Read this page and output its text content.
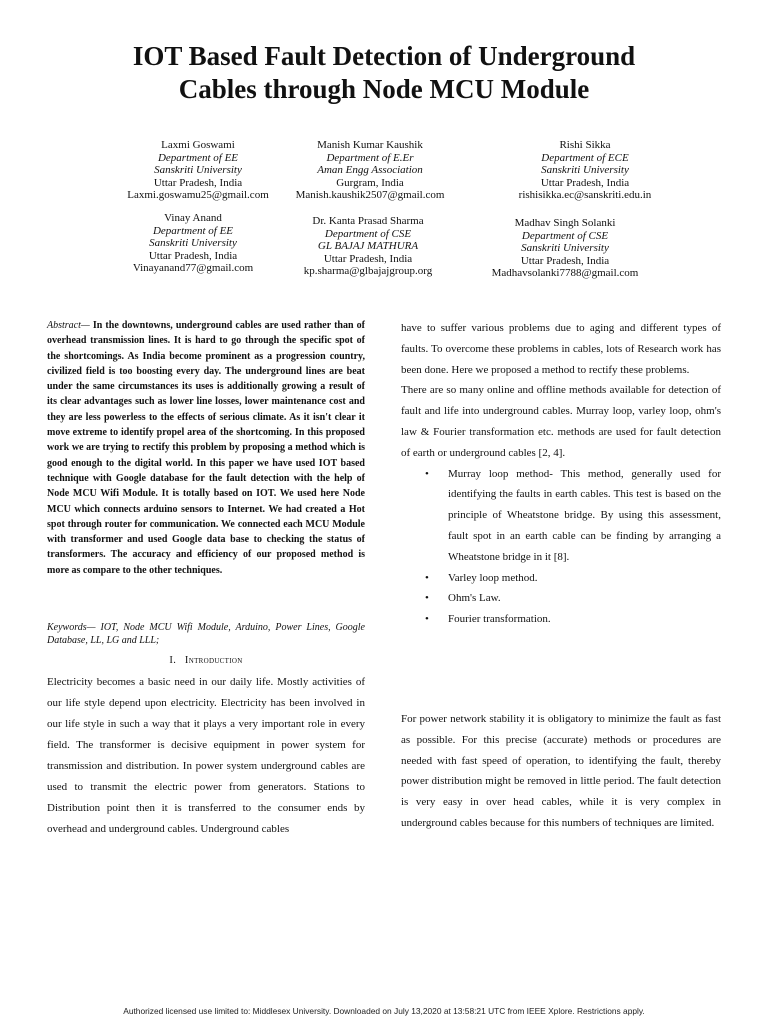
IOT Based Fault Detection of Underground
Cables through Node MCU Module
Laxmi Goswami
Department of EE
Sanskriti University
Uttar Pradesh, India
Laxmi.goswamu25@gmail.com
Manish Kumar Kaushik
Department of E.Er
Aman Engg Association
Gurgram, India
Manish.kaushik2507@gmail.com
Rishi Sikka
Department of ECE
Sanskriti University
Uttar Pradesh, India
rishisikka.ec@sanskriti.edu.in
Vinay Anand
Department of EE
Sanskriti University
Uttar Pradesh, India
Vinayanand77@gmail.com
Dr. Kanta Prasad Sharma
Department of CSE
GL BAJAJ MATHURA
Uttar Pradesh, India
kp.sharma@glbajajgroup.org
Madhav Singh Solanki
Department of CSE
Sanskriti University
Uttar Pradesh, India
Madhavsolanki7788@gmail.com
Abstract— In the downtowns, underground cables are used rather than of overhead transmission lines. It is hard to go through the specific spot of the shortcomings. As India become prominent as a progression country, civilized field is too boosting every day. The underground lines are beat under the same circumstances its uses is additionally growing a result of its clear advantages such as lower line losses, lower maintenance cost and they are less powerless to the effects of serious climate. As it isn't clear it move extreme to identify propel area of the shortcoming. In this proposed work we are trying to rectify this problem by proposing a method which is good enough to the digital world. In this paper we have used IOT based technique with Google database for the fault detection with the help of Node MCU Wifi Module. It is totally based on IOT. We used here Node MCU which connects arduino sensors to Internet. We had created a Hot spot through router for communication. We connected each MCU Module with transformer and used Google data base to checking the status of transformers. The accuracy and efficiency of our proposed method is more as compare to the other techniques.
Keywords— IOT, Node MCU Wifi Module, Arduino, Power Lines, Google Database, LL, LG and LLL;
I. Introduction
Electricity becomes a basic need in our daily life. Mostly activities of our life style depend upon electricity. Electricity has been involved in our life style in such a way that it plays a very important role in every field. The transformer is decisive equipment in power system for transmission and distribution. In power system underground cables are used to transmit the electric power from generators. Stations to Distribution point then it is transferred to the consumer ends by overhead and underground cables. Underground cables

have to suffer various problems due to aging and different types of faults. To overcome these problems in cables, lots of Research work has been done. Here we proposed a method to rectify these problems.

There are so many online and offline methods available for detection of fault and life into underground cables. Murray loop, varley loop, ohm's law & Fourier transformation etc. methods are used for fault detection of earth or underground cables [2, 4].

• Murray loop method- This method, generally used for identifying the faults in earth cables. This test is based on the principle of Wheatstone bridge. By using this assessment, fault spot in an earth cable can be finding by arranging a Wheatstone bridge in it [8].
• Varley loop method.
• Ohm's Law.
• Fourier transformation.
For power network stability it is obligatory to minimize the fault as fast as possible. For this precise (accurate) methods or procedures are needed with fast speed of operation, to identifying the fault, thereby power distribution might be removed in little period. The fault detection is very easy in over head cables, while it is very complex in underground cables because for this numbers of techniques are limited.
Authorized licensed use limited to: Middlesex University. Downloaded on July 13,2020 at 13:58:21 UTC from IEEE Xplore. Restrictions apply.
